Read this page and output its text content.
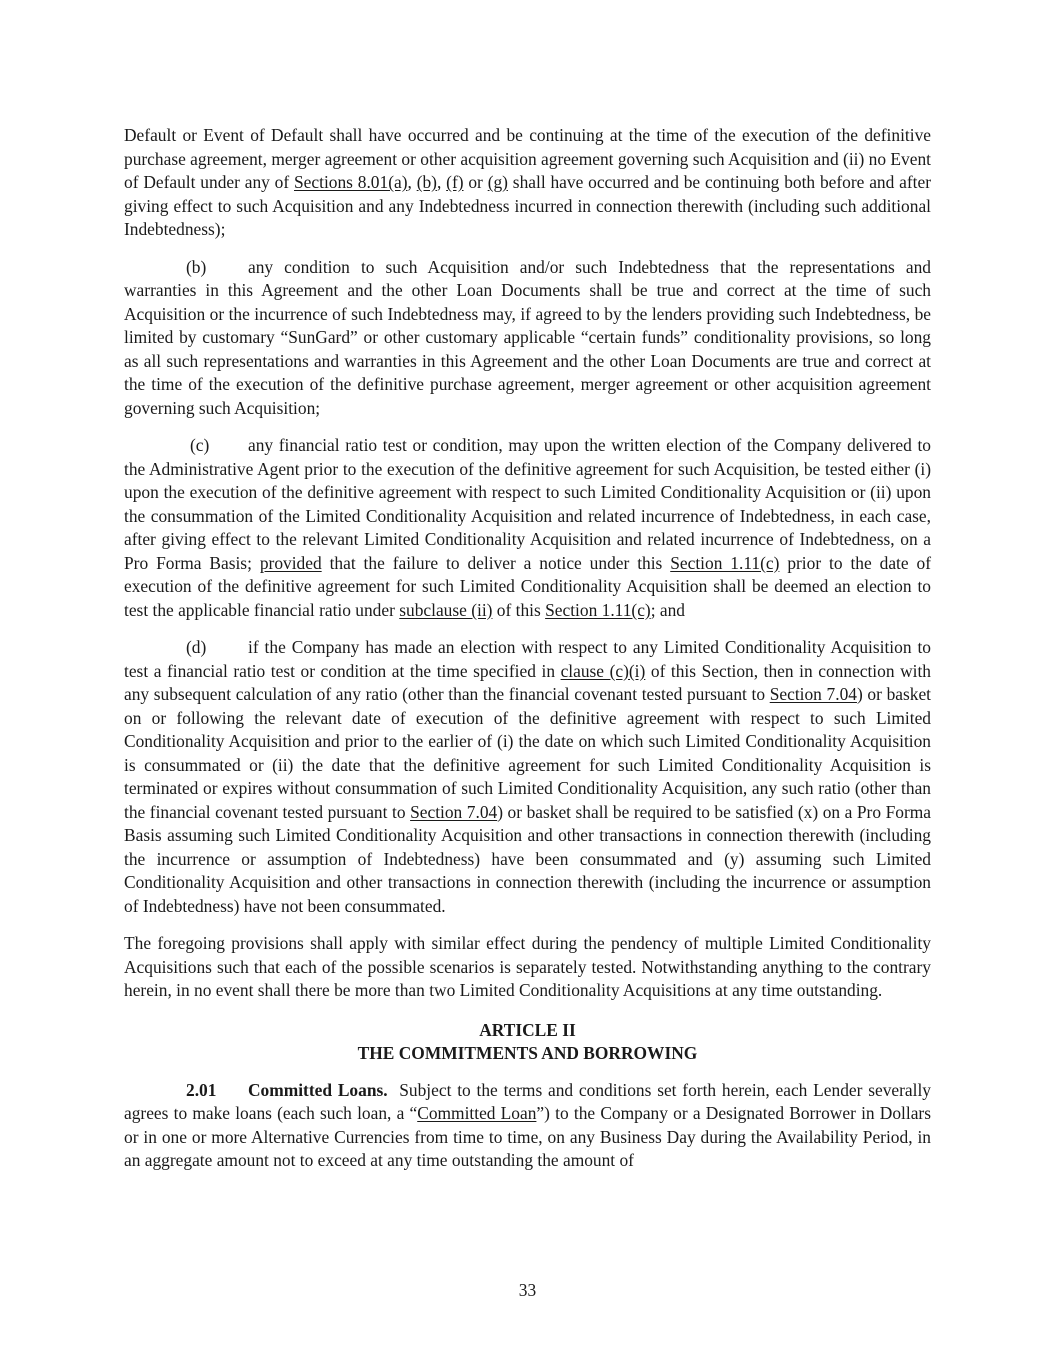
Default or Event of Default shall have occurred and be continuing at the time of the execution of the definitive purchase agreement, merger agreement or other acquisition agreement governing such Acquisition and (ii) no Event of Default under any of Sections 8.01(a), (b), (f) or (g) shall have occurred and be continuing both before and after giving effect to such Acquisition and any Indebtedness incurred in connection therewith (including such additional Indebtedness);

(b) any condition to such Acquisition and/or such Indebtedness that the representations and warranties in this Agreement and the other Loan Documents shall be true and correct at the time of such Acquisition or the incurrence of such Indebtedness may, if agreed to by the lenders providing such Indebtedness, be limited by customary “SunGard” or other customary applicable “certain funds” conditionality provisions, so long as all such representations and warranties in this Agreement and the other Loan Documents are true and correct at the time of the execution of the definitive purchase agreement, merger agreement or other acquisition agreement governing such Acquisition;

(c) any financial ratio test or condition, may upon the written election of the Company delivered to the Administrative Agent prior to the execution of the definitive agreement for such Acquisition, be tested either (i) upon the execution of the definitive agreement with respect to such Limited Conditionality Acquisition or (ii) upon the consummation of the Limited Conditionality Acquisition and related incurrence of Indebtedness, in each case, after giving effect to the relevant Limited Conditionality Acquisition and related incurrence of Indebtedness, on a Pro Forma Basis; provided that the failure to deliver a notice under this Section 1.11(c) prior to the date of execution of the definitive agreement for such Limited Conditionality Acquisition shall be deemed an election to test the applicable financial ratio under subclause (ii) of this Section 1.11(c); and

(d) if the Company has made an election with respect to any Limited Conditionality Acquisition to test a financial ratio test or condition at the time specified in clause (c)(i) of this Section, then in connection with any subsequent calculation of any ratio (other than the financial covenant tested pursuant to Section 7.04) or basket on or following the relevant date of execution of the definitive agreement with respect to such Limited Conditionality Acquisition and prior to the earlier of (i) the date on which such Limited Conditionality Acquisition is consummated or (ii) the date that the definitive agreement for such Limited Conditionality Acquisition is terminated or expires without consummation of such Limited Conditionality Acquisition, any such ratio (other than the financial covenant tested pursuant to Section 7.04) or basket shall be required to be satisfied (x) on a Pro Forma Basis assuming such Limited Conditionality Acquisition and other transactions in connection therewith (including the incurrence or assumption of Indebtedness) have been consummated and (y) assuming such Limited Conditionality Acquisition and other transactions in connection therewith (including the incurrence or assumption of Indebtedness) have not been consummated.

The foregoing provisions shall apply with similar effect during the pendency of multiple Limited Conditionality Acquisitions such that each of the possible scenarios is separately tested. Notwithstanding anything to the contrary herein, in no event shall there be more than two Limited Conditionality Acquisitions at any time outstanding.

ARTICLE II
THE COMMITMENTS AND BORROWING

2.01 Committed Loans.  Subject to the terms and conditions set forth herein, each Lender severally agrees to make loans (each such loan, a “Committed Loan”) to the Company or a Designated Borrower in Dollars or in one or more Alternative Currencies from time to time, on any Business Day during the Availability Period, in an aggregate amount not to exceed at any time outstanding the amount of

33
